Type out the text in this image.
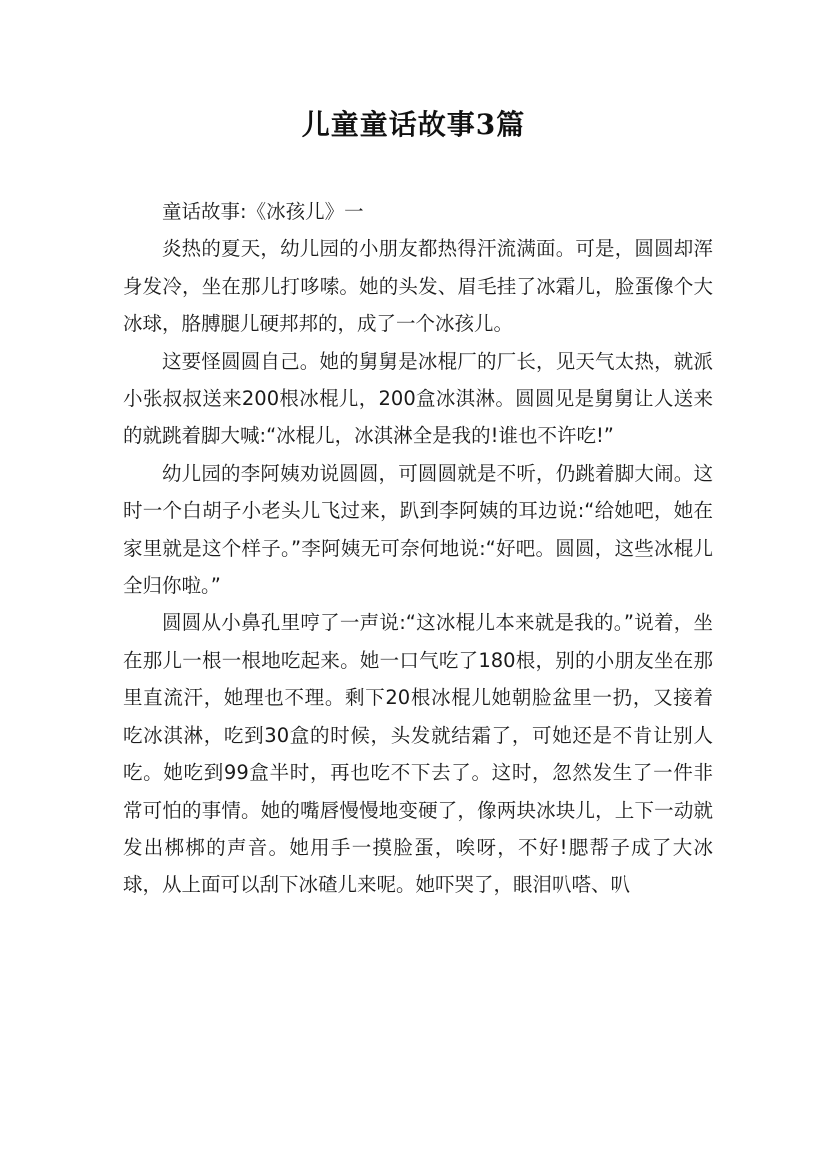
儿童童话故事3篇

童话故事:《冰孩儿》一

炎热的夏天，幼儿园的小朋友都热得汗流满面。可是，圆圆却浑身发冷，坐在那儿打哆嗦。她的头发、眉毛挂了冰霜儿，脸蛋像个大冰球，胳膊腿儿硬邦邦的，成了一个冰孩儿。

这要怪圆圆自己。她的舅舅是冰棍厂的厂长，见天气太热，就派小张叔叔送来200根冰棍儿，200盒冰淇淋。圆圆见是舅舅让人送来的就跳着脚大喊:“冰棍儿，冰淇淋全是我的!谁也不许吃!”

幼儿园的李阿姨劝说圆圆，可圆圆就是不听，仍跳着脚大闹。这时一个白胡子小老头儿飞过来，趴到李阿姨的耳边说:“给她吧，她在家里就是这个样子。”李阿姨无可奈何地说:“好吧。圆圆，这些冰棍儿全归你啦。”

圆圆从小鼻孔里哼了一声说:“这冰棍儿本来就是我的。”说着，坐在那儿一根一根地吃起来。她一口气吃了180根，别的小朋友坐在那里直流汗，她理也不理。剩下20根冰棍儿她朝脸盆里一扔，又接着吃冰淇淋，吃到30盒的时候，头发就结霜了，可她还是不肯让别人吃。她吃到99盒半时，再也吃不下去了。这时，忽然发生了一件非常可怕的事情。她的嘴唇慢慢地变硬了，像两块冰块儿，上下一动就发出梆梆的声音。她用手一摸脸蛋，唉呀，不好!腮帮子成了大冰球，从上面可以刮下冰碴儿来呢。她吓哭了，眼泪叭嗒、叭
